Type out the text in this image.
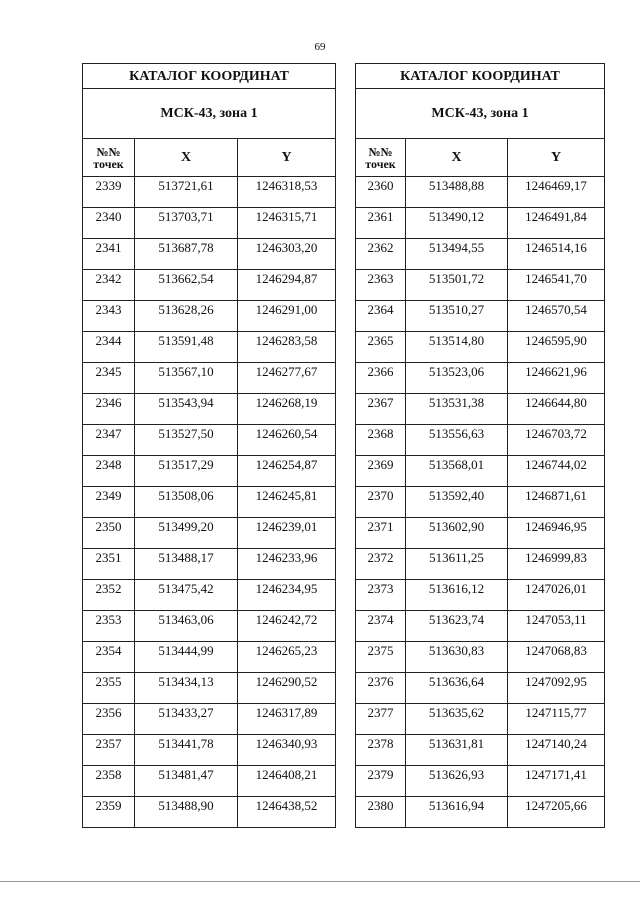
69
КАТАЛОГ КООРДИНАТ		
МСК-43, зона 1		
№№
точек	X	Y
2339	513721,61	1246318,53
2340	513703,71	1246315,71
2341	513687,78	1246303,20
2342	513662,54	1246294,87
2343	513628,26	1246291,00
2344	513591,48	1246283,58
2345	513567,10	1246277,67
2346	513543,94	1246268,19
2347	513527,50	1246260,54
2348	513517,29	1246254,87
2349	513508,06	1246245,81
2350	513499,20	1246239,01
2351	513488,17	1246233,96
2352	513475,42	1246234,95
2353	513463,06	1246242,72
2354	513444,99	1246265,23
2355	513434,13	1246290,52
2356	513433,27	1246317,89
2357	513441,78	1246340,93
2358	513481,47	1246408,21
2359	513488,90	1246438,52
КАТАЛОГ КООРДИНАТ		
МСК-43, зона 1		
№№
точек	X	Y
2360	513488,88	1246469,17
2361	513490,12	1246491,84
2362	513494,55	1246514,16
2363	513501,72	1246541,70
2364	513510,27	1246570,54
2365	513514,80	1246595,90
2366	513523,06	1246621,96
2367	513531,38	1246644,80
2368	513556,63	1246703,72
2369	513568,01	1246744,02
2370	513592,40	1246871,61
2371	513602,90	1246946,95
2372	513611,25	1246999,83
2373	513616,12	1247026,01
2374	513623,74	1247053,11
2375	513630,83	1247068,83
2376	513636,64	1247092,95
2377	513635,62	1247115,77
2378	513631,81	1247140,24
2379	513626,93	1247171,41
2380	513616,94	1247205,66
